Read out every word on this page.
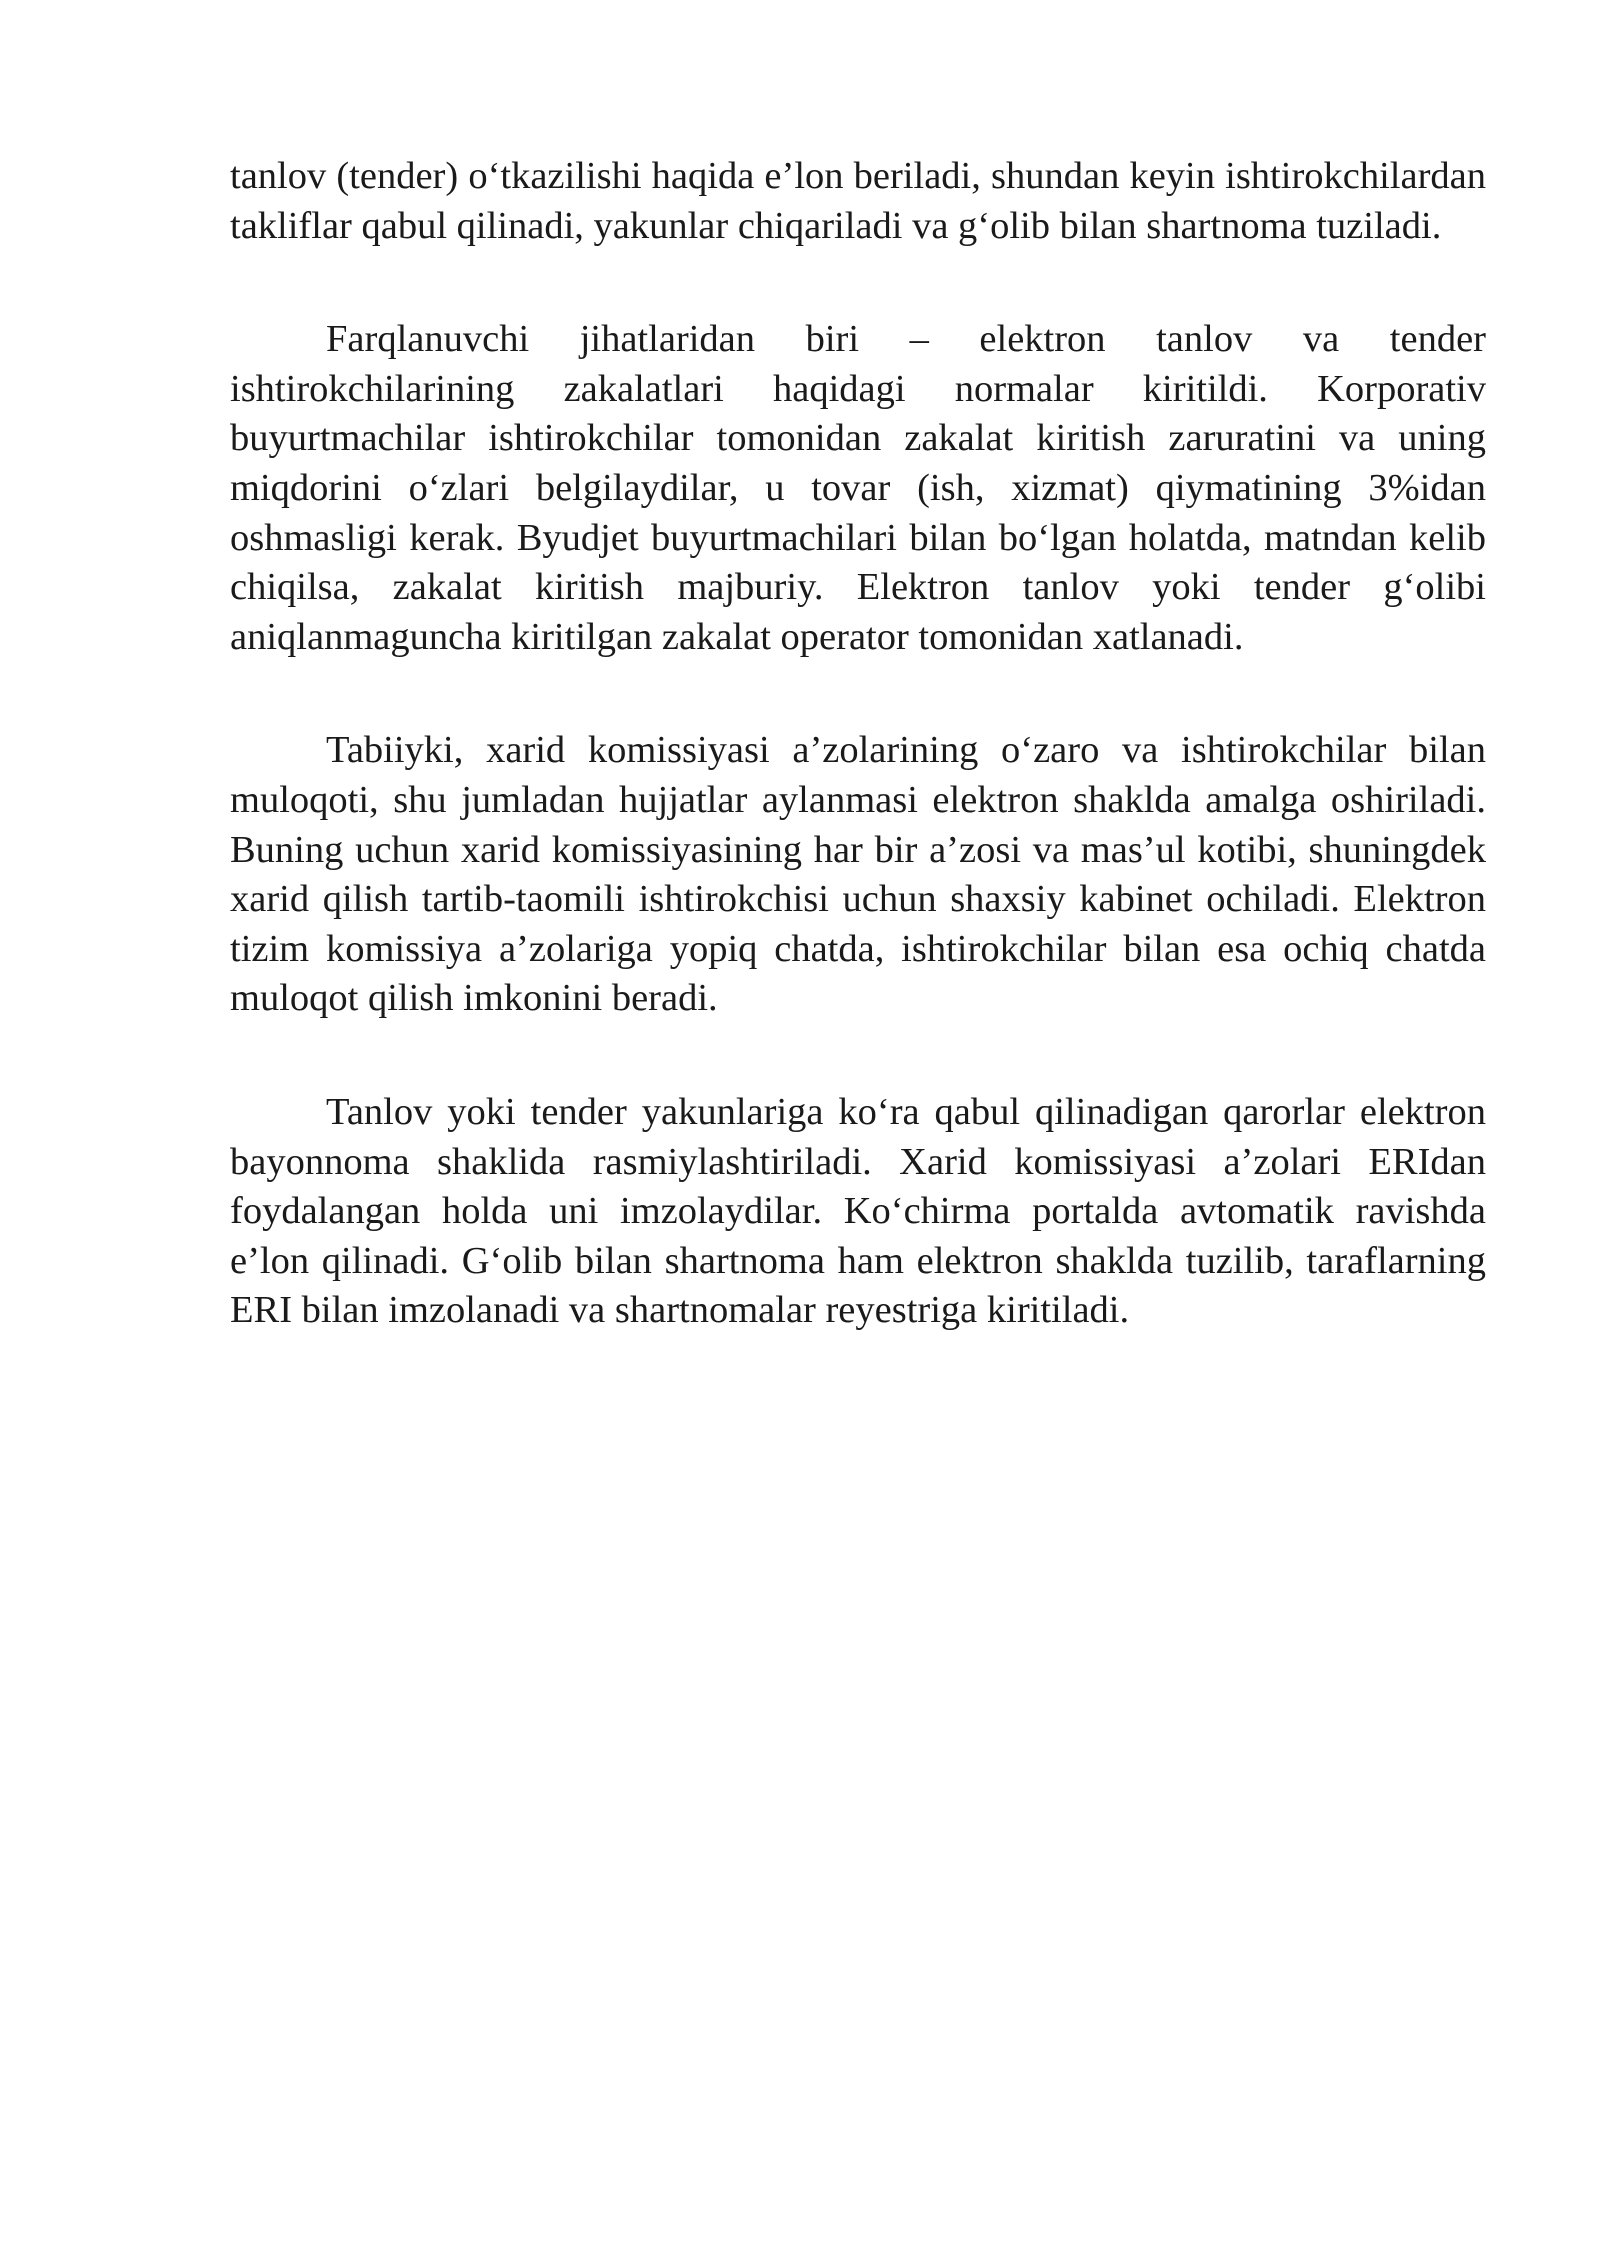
tanlov (tender) o‘tkazilishi haqida e’lon beriladi, shundan keyin ishtirokchilardan takliflar qabul qilinadi, yakunlar chiqariladi va g‘olib bilan shartnoma tuziladi.

Farqlanuvchi jihatlaridan biri – elektron tanlov va tender ishtirokchilarining zakalatlari haqidagi normalar kiritildi. Korporativ buyurtmachilar ishtirokchilar tomonidan zakalat kiritish zaruratini va uning miqdorini o‘zlari belgilaydilar, u tovar (ish, xizmat) qiymatining 3%idan oshmasligi kerak. Byudjet buyurtmachilari bilan bo‘lgan holatda, matndan kelib chiqilsa, zakalat kiritish majburiy. Elektron tanlov yoki tender g‘olibi aniqlanmaguncha kiritilgan zakalat operator tomonidan xatlanadi.

Tabiiyki, xarid komissiyasi a’zolarining o‘zaro va ishtirokchilar bilan muloqoti, shu jumladan hujjatlar aylanmasi elektron shakldа amalga oshiriladi. Buning uchun xarid komissiyasining har bir a’zosi va mas’ul kotibi, shuningdek xarid qilish tartib-taomili ishtirokchisi uchun shaxsiy kabinet ochiladi. Elektron tizim komissiya a’zolariga yopiq chatda, ishtirokchilar bilan esa ochiq chatda muloqot qilish imkonini beradi.

Tanlov yoki tender yakunlariga ko‘ra qabul qilinadigan qarorlar elektron bayonnoma shaklida rasmiylashtiriladi. Xarid komissiyasi a’zolari ERIdan foydalangan holda uni imzolaydilar. Ko‘chirma portalda avtomatik ravishda e’lon qilinadi. G‘olib bilan shartnoma ham elektron shakldа tuzilib, taraflarning ERI bilan imzolanadi va shartnomalar reyestriga kiritiladi.
